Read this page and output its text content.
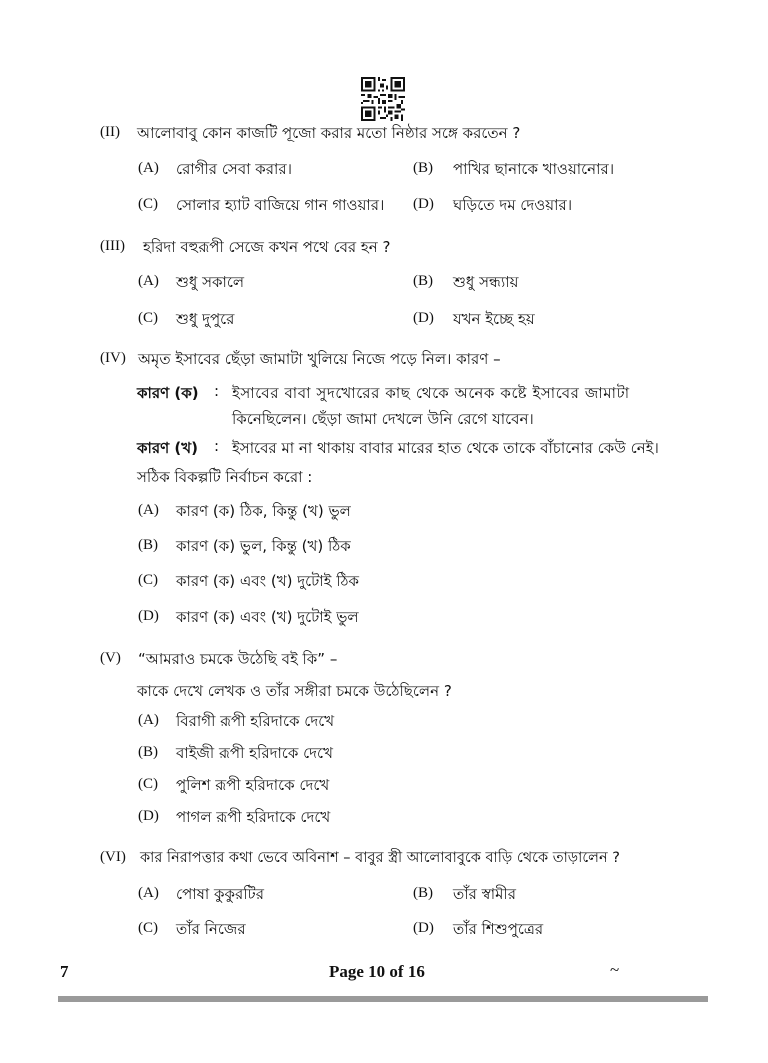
(II) আলোবাবু কোন কাজটি পূজো করার মতো নিষ্ঠার সঙ্গে করতেন ?
(A) রোগীর সেবা করার।	(B) পাখির ছানাকে খাওয়ানোর।
(C) সোলার হ্যাট বাজিয়ে গান গাওয়ার। (D) ঘড়িতে দম দেওয়ার।
(III) হরিদা বহুরূপী সেজে কখন পথে বের হন ?
(A) শুধু সকালে	(B) শুধু সন্ধ্যায়
(C) শুধু দুপুরে	(D) যখন ইচ্ছে হয়
(IV) অমৃত ইসাবের ছেঁড়া জামাটা খুলিয়ে নিজে পড়ে নিল। কারণ –
কারণ (ক) : ইসাবের বাবা সুদখোরের কাছ থেকে অনেক কষ্টে ইসাবের জামাটা
কিনেছিলেন। ছেঁড়া জামা দেখলে উনি রেগে যাবেন।
কারণ (খ) : ইসাবের মা না থাকায় বাবার মারের হাত থেকে তাকে বাঁচানোর কেউ নেই।
সঠিক বিকল্পটি নির্বাচন করো :
(A) কারণ (ক) ঠিক, কিন্তু (খ) ভুল
(B) কারণ (ক) ভুল, কিন্তু (খ) ঠিক
(C) কারণ (ক) এবং (খ) দুটোই ঠিক
(D) কারণ (ক) এবং (খ) দুটোই ভুল
(V) “আমরাও চমকে উঠেছি বই কি” –
কাকে দেখে লেখক ও তাঁর সঙ্গীরা চমকে উঠেছিলেন ?
(A) বিরাগী রূপী হরিদাকে দেখে
(B) বাইজী রূপী হরিদাকে দেখে
(C) পুলিশ রূপী হরিদাকে দেখে
(D) পাগল রূপী হরিদাকে দেখে
(VI) কার নিরাপত্তার কথা ভেবে অবিনাশ – বাবুর স্ত্রী আলোবাবুকে বাড়ি থেকে তাড়ালেন ?
(A) পোষা কুকুরটির	(B) তাঁর স্বামীর
(C) তাঁর নিজের	(D) তাঁর শিশুপুত্রের
7	Page 10 of 16	~
